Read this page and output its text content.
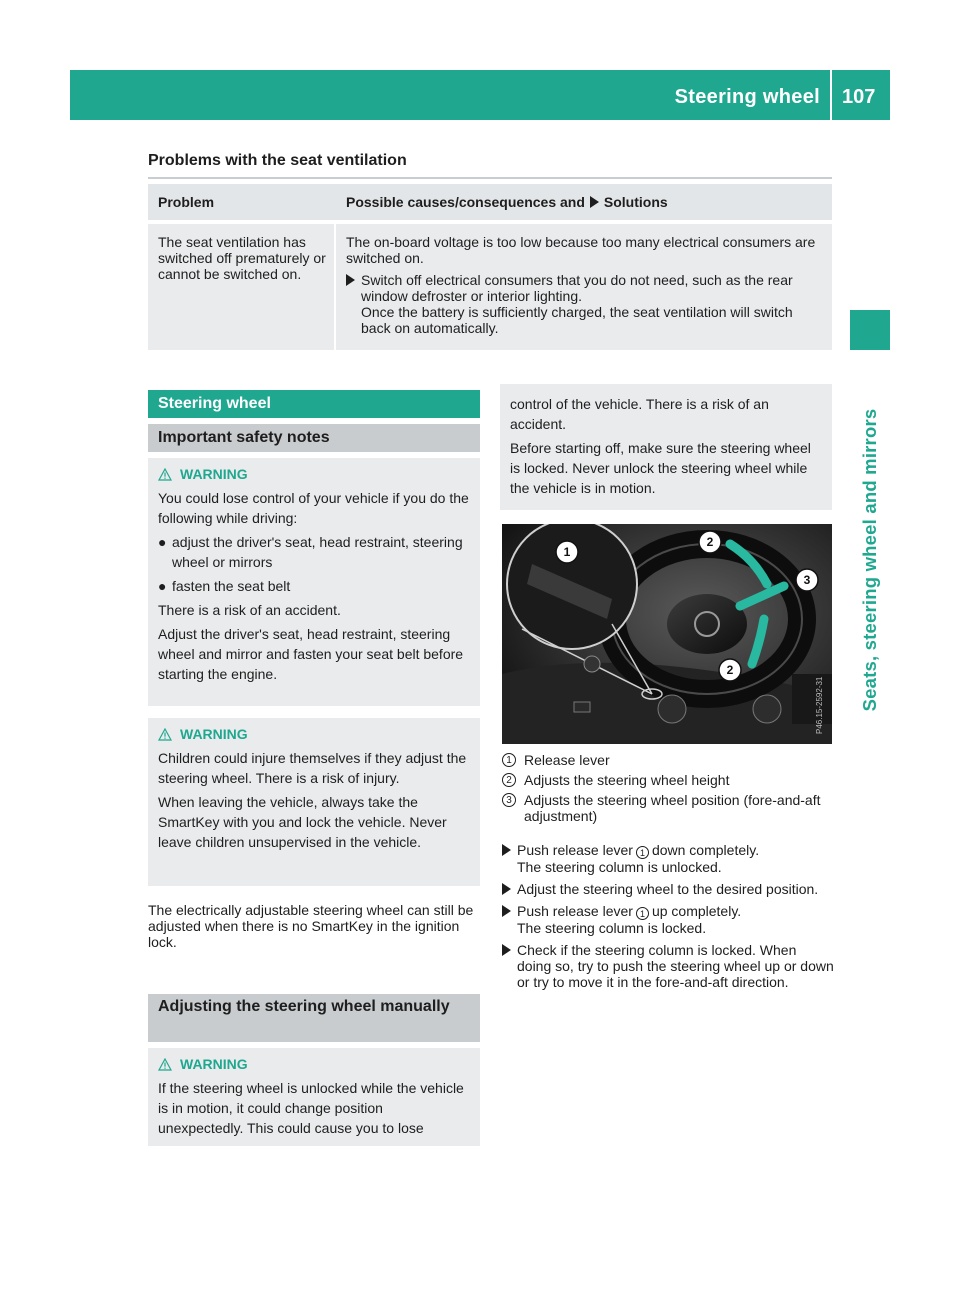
Steering wheel 107
Seats, steering wheel and mirrors
Problems with the seat ventilation
Problem	Possible causes/consequences and Solutions
The seat ventilation has switched off prematurely or cannot be switched on.
The on-board voltage is too low because too many electrical consumers are switched on.

Switch off electrical consumers that you do not need, such as the rear window defroster or interior lighting.

Once the battery is sufficiently charged, the seat ventilation will switch back on automatically.

Steering wheel
Important safety notes
WARNING

You could lose control of your vehicle if you do the following while driving:

● adjust the driver's seat, head restraint, steering wheel or mirrors
● fasten the seat belt

There is a risk of an accident.

Adjust the driver's seat, head restraint, steering wheel and mirror and fasten your seat belt before starting the engine.

WARNING

Children could injure themselves if they adjust the steering wheel. There is a risk of injury.

When leaving the vehicle, always take the SmartKey with you and lock the vehicle. Never leave children unsupervised in the vehicle.

The electrically adjustable steering wheel can still be adjusted when there is no SmartKey in the ignition lock.
Adjusting the steering wheel manually
WARNING

If the steering wheel is unlocked while the vehicle is in motion, it could change position unexpectedly. This could cause you to lose

control of the vehicle. There is a risk of an accident.

Before starting off, make sure the steering wheel is locked. Never unlock the steering wheel while the vehicle is in motion.

1
2
3
2
P46.15-2592-31
1 Release lever
2 Adjusts the steering wheel height
3 Adjusts the steering wheel position (fore-and-aft adjustment)

Push release lever 1 down completely.

The steering column is unlocked.

Adjust the steering wheel to the desired position.

Push release lever 1 up completely.

The steering column is locked.

Check if the steering column is locked. When doing so, try to push the steering wheel up or down or try to move it in the fore-and-aft direction.
